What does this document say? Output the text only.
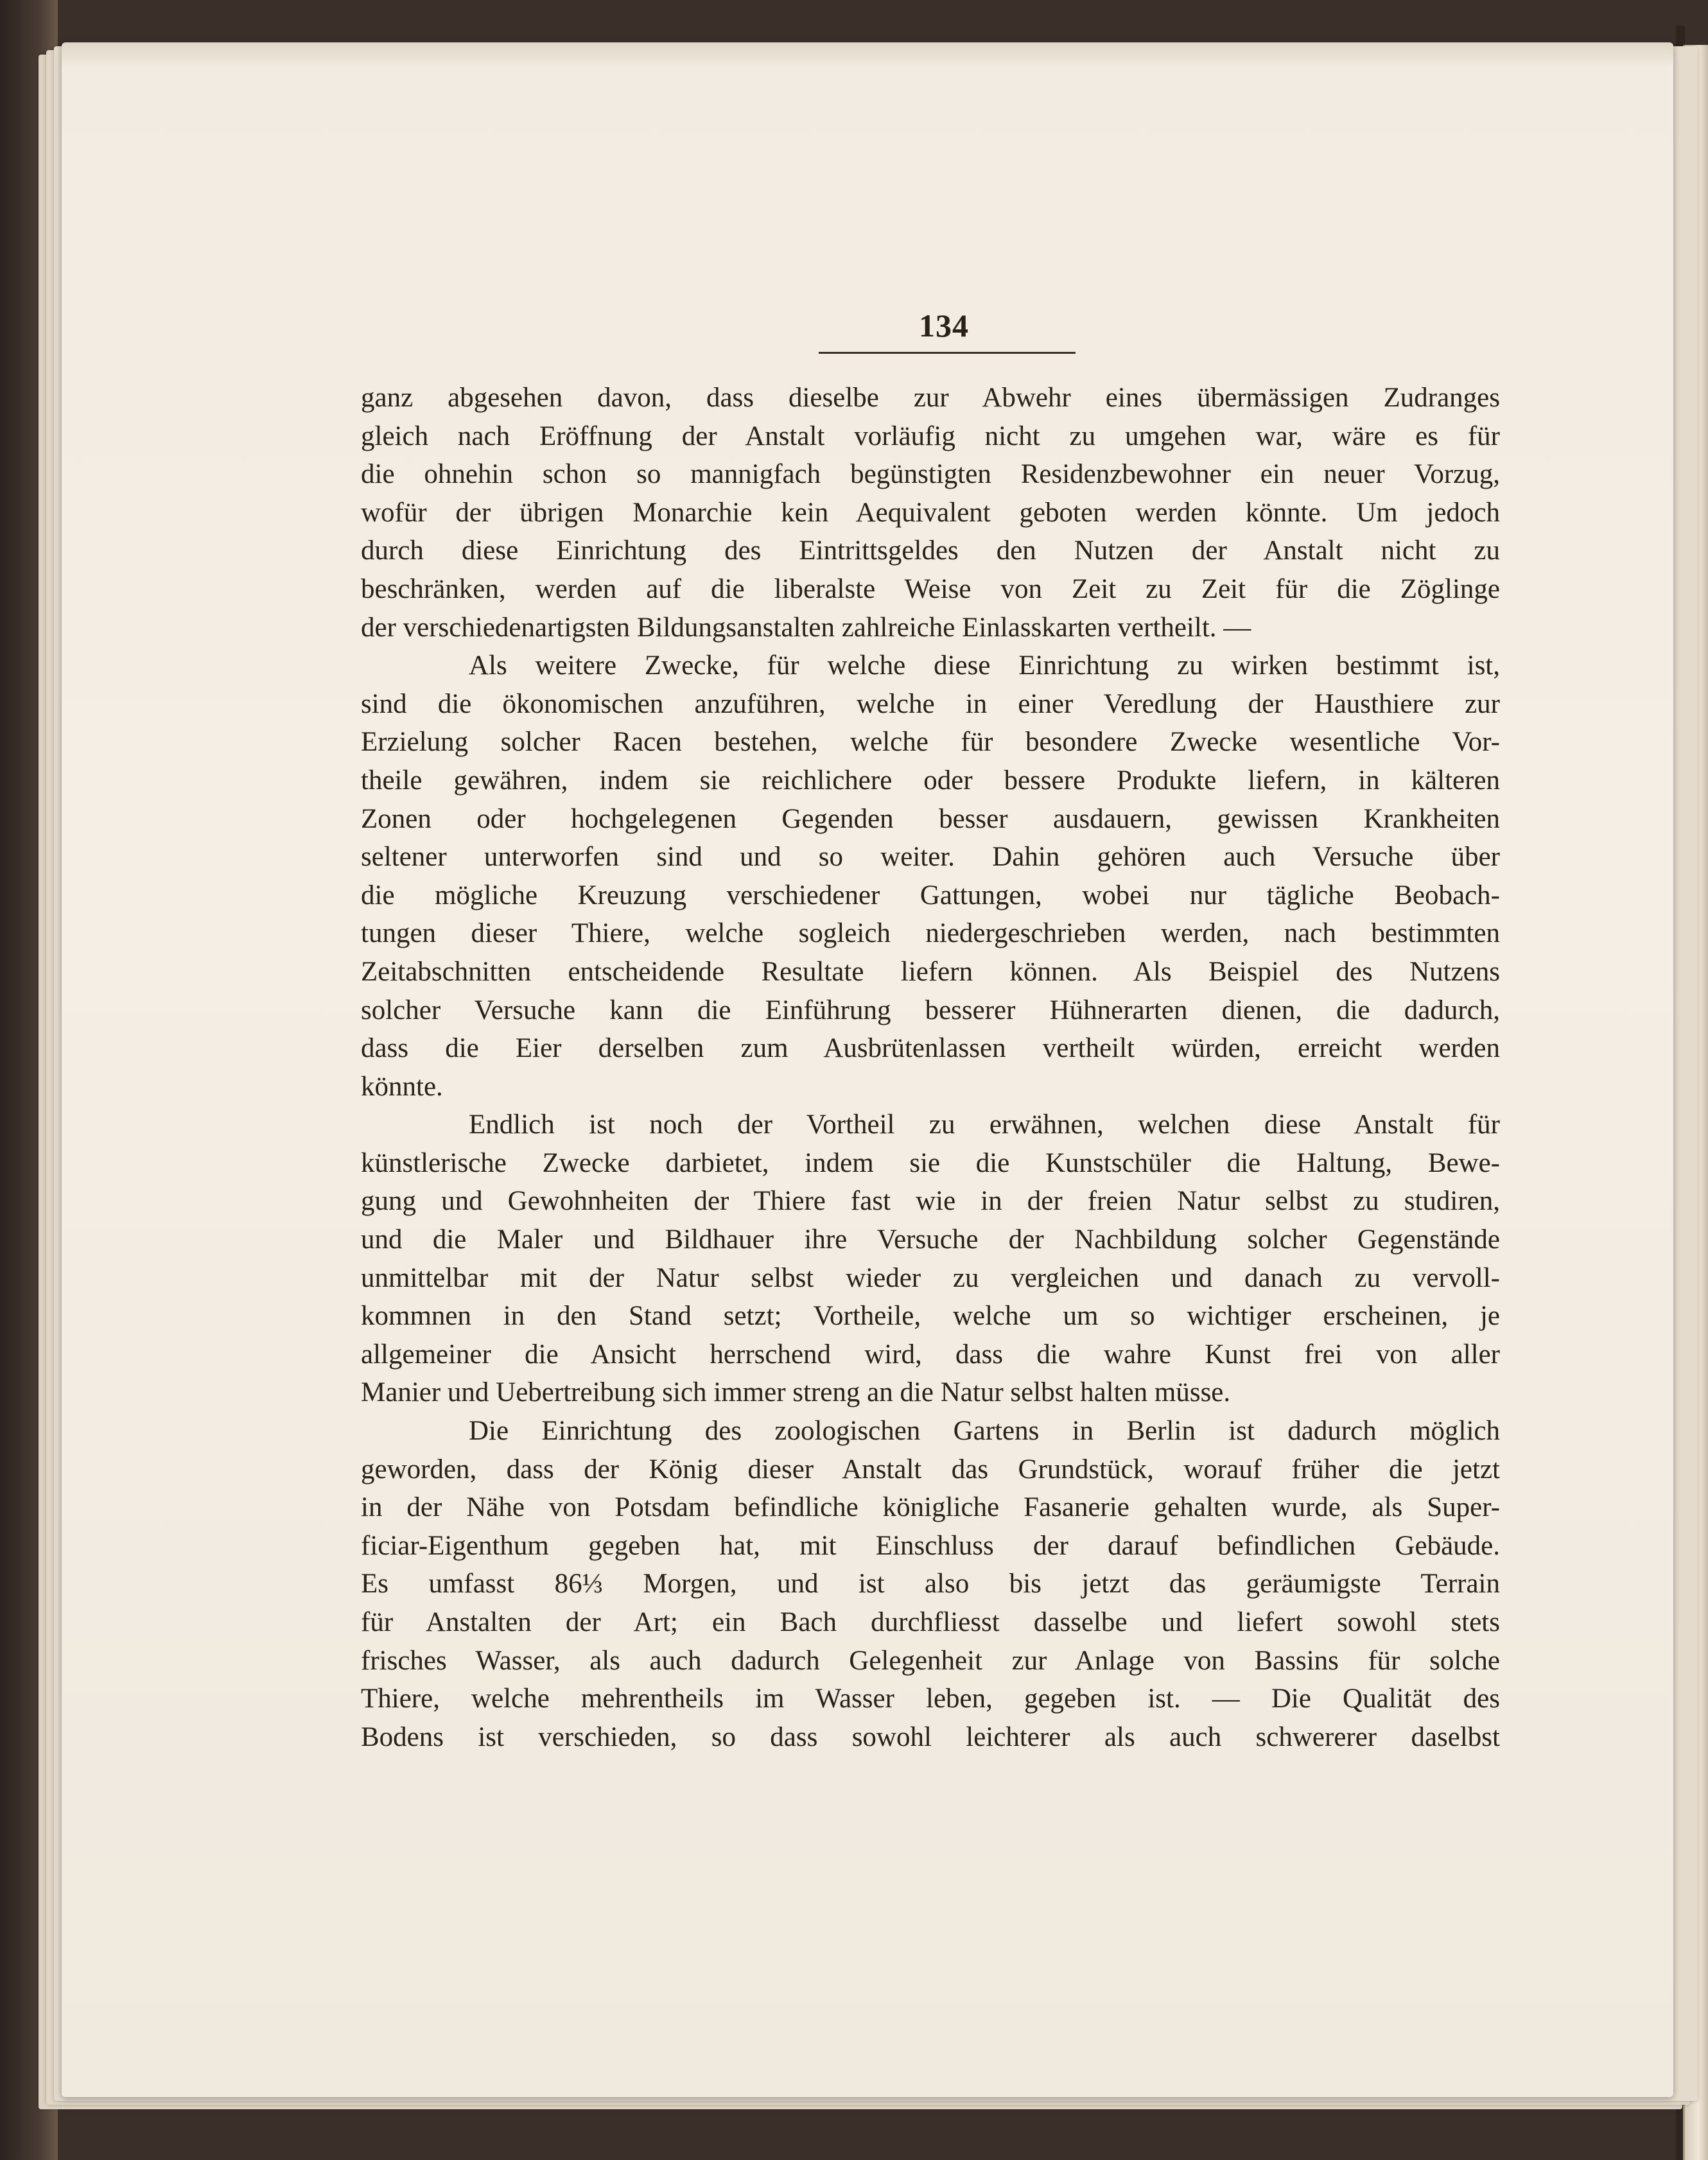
134
ganz abgesehen davon, dass dieselbe zur Abwehr eines übermässigen Zudranges
gleich nach Eröffnung der Anstalt vorläufig nicht zu umgehen war, wäre es für
die ohnehin schon so mannigfach begünstigten Residenzbewohner ein neuer Vorzug,
wofür der übrigen Monarchie kein Aequivalent geboten werden könnte. Um jedoch
durch diese Einrichtung des Eintrittsgeldes den Nutzen der Anstalt nicht zu
beschränken, werden auf die liberalste Weise von Zeit zu Zeit für die Zöglinge
der verschiedenartigsten Bildungsanstalten zahlreiche Einlasskarten vertheilt. —
Als weitere Zwecke, für welche diese Einrichtung zu wirken bestimmt ist,
sind die ökonomischen anzuführen, welche in einer Veredlung der Hausthiere zur
Erzielung solcher Racen bestehen, welche für besondere Zwecke wesentliche Vor-
theile gewähren, indem sie reichlichere oder bessere Produkte liefern, in kälteren
Zonen oder hochgelegenen Gegenden besser ausdauern, gewissen Krankheiten
seltener unterworfen sind und so weiter. Dahin gehören auch Versuche über
die mögliche Kreuzung verschiedener Gattungen, wobei nur tägliche Beobach-
tungen dieser Thiere, welche sogleich niedergeschrieben werden, nach bestimmten
Zeitabschnitten entscheidende Resultate liefern können. Als Beispiel des Nutzens
solcher Versuche kann die Einführung besserer Hühnerarten dienen, die dadurch,
dass die Eier derselben zum Ausbrütenlassen vertheilt würden, erreicht werden
könnte.
Endlich ist noch der Vortheil zu erwähnen, welchen diese Anstalt für
künstlerische Zwecke darbietet, indem sie die Kunstschüler die Haltung, Bewe-
gung und Gewohnheiten der Thiere fast wie in der freien Natur selbst zu studiren,
und die Maler und Bildhauer ihre Versuche der Nachbildung solcher Gegenstände
unmittelbar mit der Natur selbst wieder zu vergleichen und danach zu vervoll-
kommnen in den Stand setzt; Vortheile, welche um so wichtiger erscheinen, je
allgemeiner die Ansicht herrschend wird, dass die wahre Kunst frei von aller
Manier und Uebertreibung sich immer streng an die Natur selbst halten müsse.
Die Einrichtung des zoologischen Gartens in Berlin ist dadurch möglich
geworden, dass der König dieser Anstalt das Grundstück, worauf früher die jetzt
in der Nähe von Potsdam befindliche königliche Fasanerie gehalten wurde, als Super-
ficiar-Eigenthum gegeben hat, mit Einschluss der darauf befindlichen Gebäude.
Es umfasst 86⅓ Morgen, und ist also bis jetzt das geräumigste Terrain
für Anstalten der Art; ein Bach durchfliesst dasselbe und liefert sowohl stets
frisches Wasser, als auch dadurch Gelegenheit zur Anlage von Bassins für solche
Thiere, welche mehrentheils im Wasser leben, gegeben ist. — Die Qualität des
Bodens ist verschieden, so dass sowohl leichterer als auch schwererer daselbst
